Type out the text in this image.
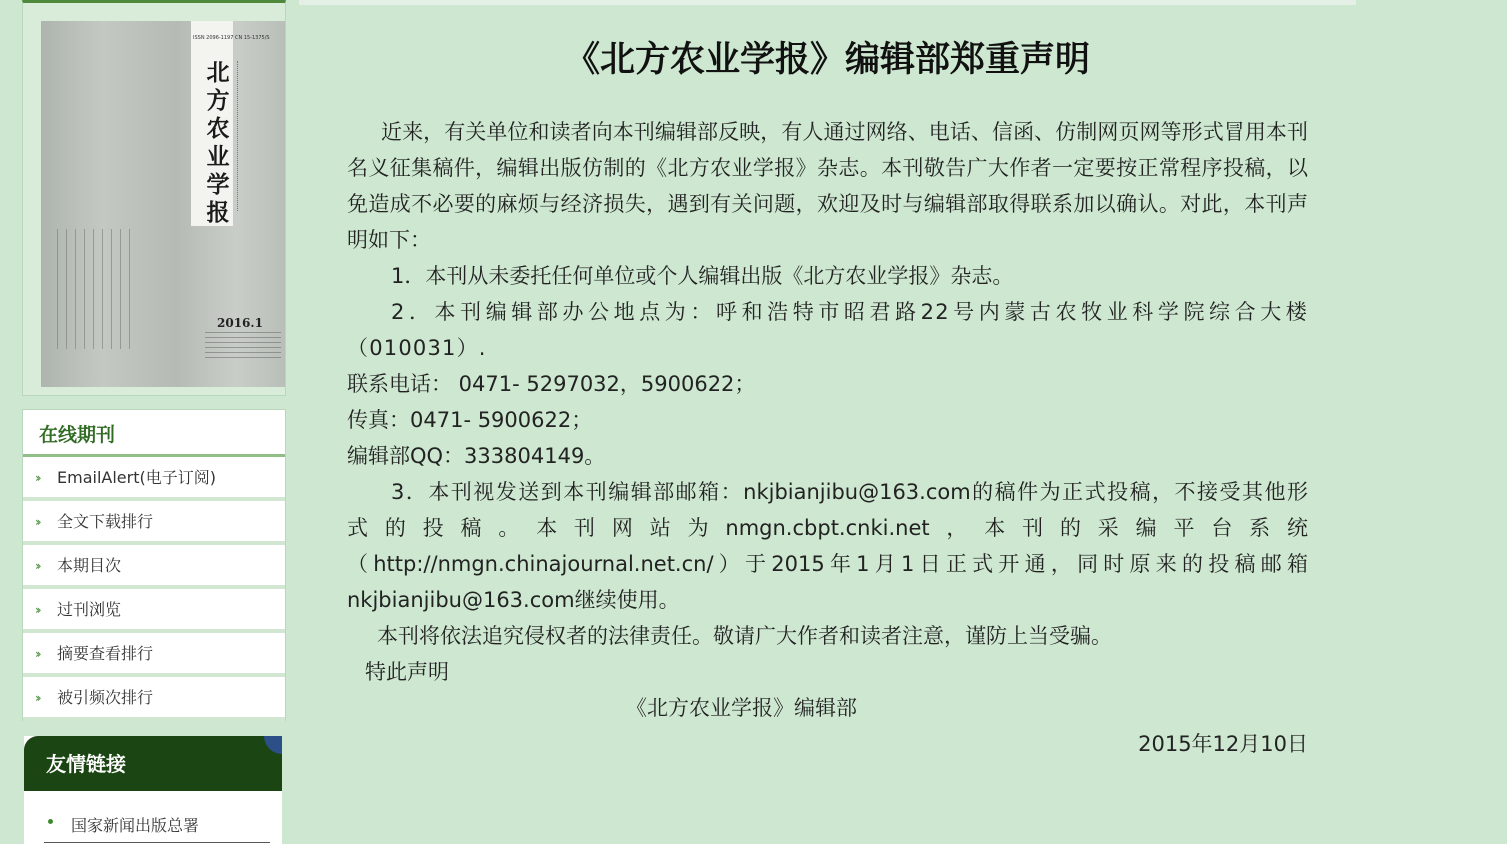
ISSN 2096-1197 CN 15-1375/S
北方农业学报
2016.1
在线期刊
›› EmailAlert(电子订阅)
›› 全文下载排行
›› 本期目次
›› 过刊浏览
›› 摘要查看排行
›› 被引频次排行
友情链接
国家新闻出版总署
《北方农业学报》编辑部郑重声明

近来，有关单位和读者向本刊编辑部反映，有人通过网络、电话、信函、仿制网页网等形式冒用本刊名义征集稿件，编辑出版仿制的《北方农业学报》杂志。本刊敬告广大作者一定要按正常程序投稿，以免造成不必要的麻烦与经济损失，遇到有关问题，欢迎及时与编辑部取得联系加以确认。对此，本刊声明如下：

1．本刊从未委托任何单位或个人编辑出版《北方农业学报》杂志。

2．本刊编辑部办公地点为：呼和浩特市昭君路22号内蒙古农牧业科学院综合大楼（010031）.

联系电话： 0471- 5297032，5900622；

传真：0471- 5900622；

编辑部QQ：333804149。

3．本刊视发送到本刊编辑部邮箱：nkjbianjibu@163.com的稿件为正式投稿，不接受其他形
式的投稿。本刊网站为nmgn.cbpt.cnki.net，本刊的采编平台系统
（http://nmgn.chinajournal.net.cn/）于2015年1月1日正式开通，同时原来的投稿邮箱
nkjbianjibu@163.com继续使用。

本刊将依法追究侵权者的法律责任。敬请广大作者和读者注意，谨防上当受骗。

特此声明

《北方农业学报》编辑部
2015年12月10日
